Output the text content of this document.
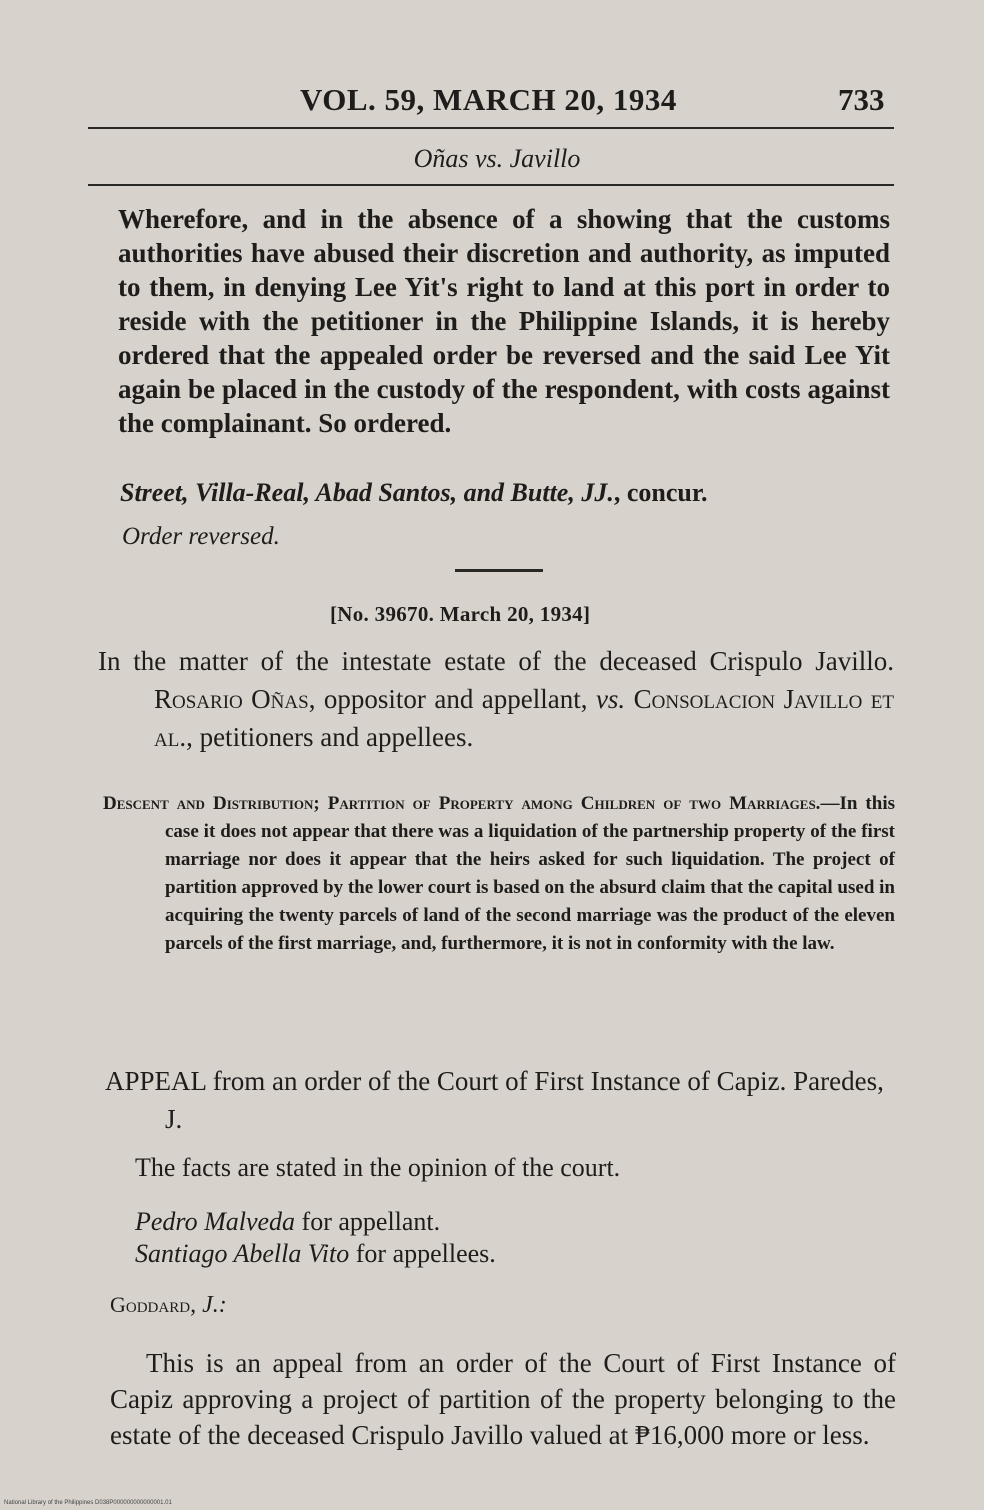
VOL. 59, MARCH 20, 1934	733
Oñas vs. Javillo

Wherefore, and in the absence of a showing that the customs authorities have abused their discretion and authority, as imputed to them, in denying Lee Yit's right to land at this port in order to reside with the petitioner in the Philippine Islands, it is hereby ordered that the appealed order be reversed and the said Lee Yit again be placed in the custody of the respondent, with costs against the complainant. So ordered.

Street, Villa-Real, Abad Santos, and Butte, JJ., concur.
Order reversed.
[No. 39670. March 20, 1934]
In the matter of the intestate estate of the deceased Crispulo Javillo. Rosario Oñas, oppositor and appellant, vs. Consolacion Javillo et al., petitioners and appellees.
Descent and Distribution; Partition of Property among Children of two Marriages.—In this case it does not appear that there was a liquidation of the partnership property of the first marriage nor does it appear that the heirs asked for such liquidation. The project of partition approved by the lower court is based on the absurd claim that the capital used in acquiring the twenty parcels of land of the second marriage was the product of the eleven parcels of the first marriage, and, furthermore, it is not in conformity with the law.
APPEAL from an order of the Court of First Instance of Capiz. Paredes, J.
The facts are stated in the opinion of the court.
Pedro Malveda for appellant.
Santiago Abella Vito for appellees.
Goddard, J.:

This is an appeal from an order of the Court of First Instance of Capiz approving a project of partition of the property belonging to the estate of the deceased Crispulo Javillo valued at ₱16,000 more or less.

National Library of the Philippines D038P000000000000001.01
